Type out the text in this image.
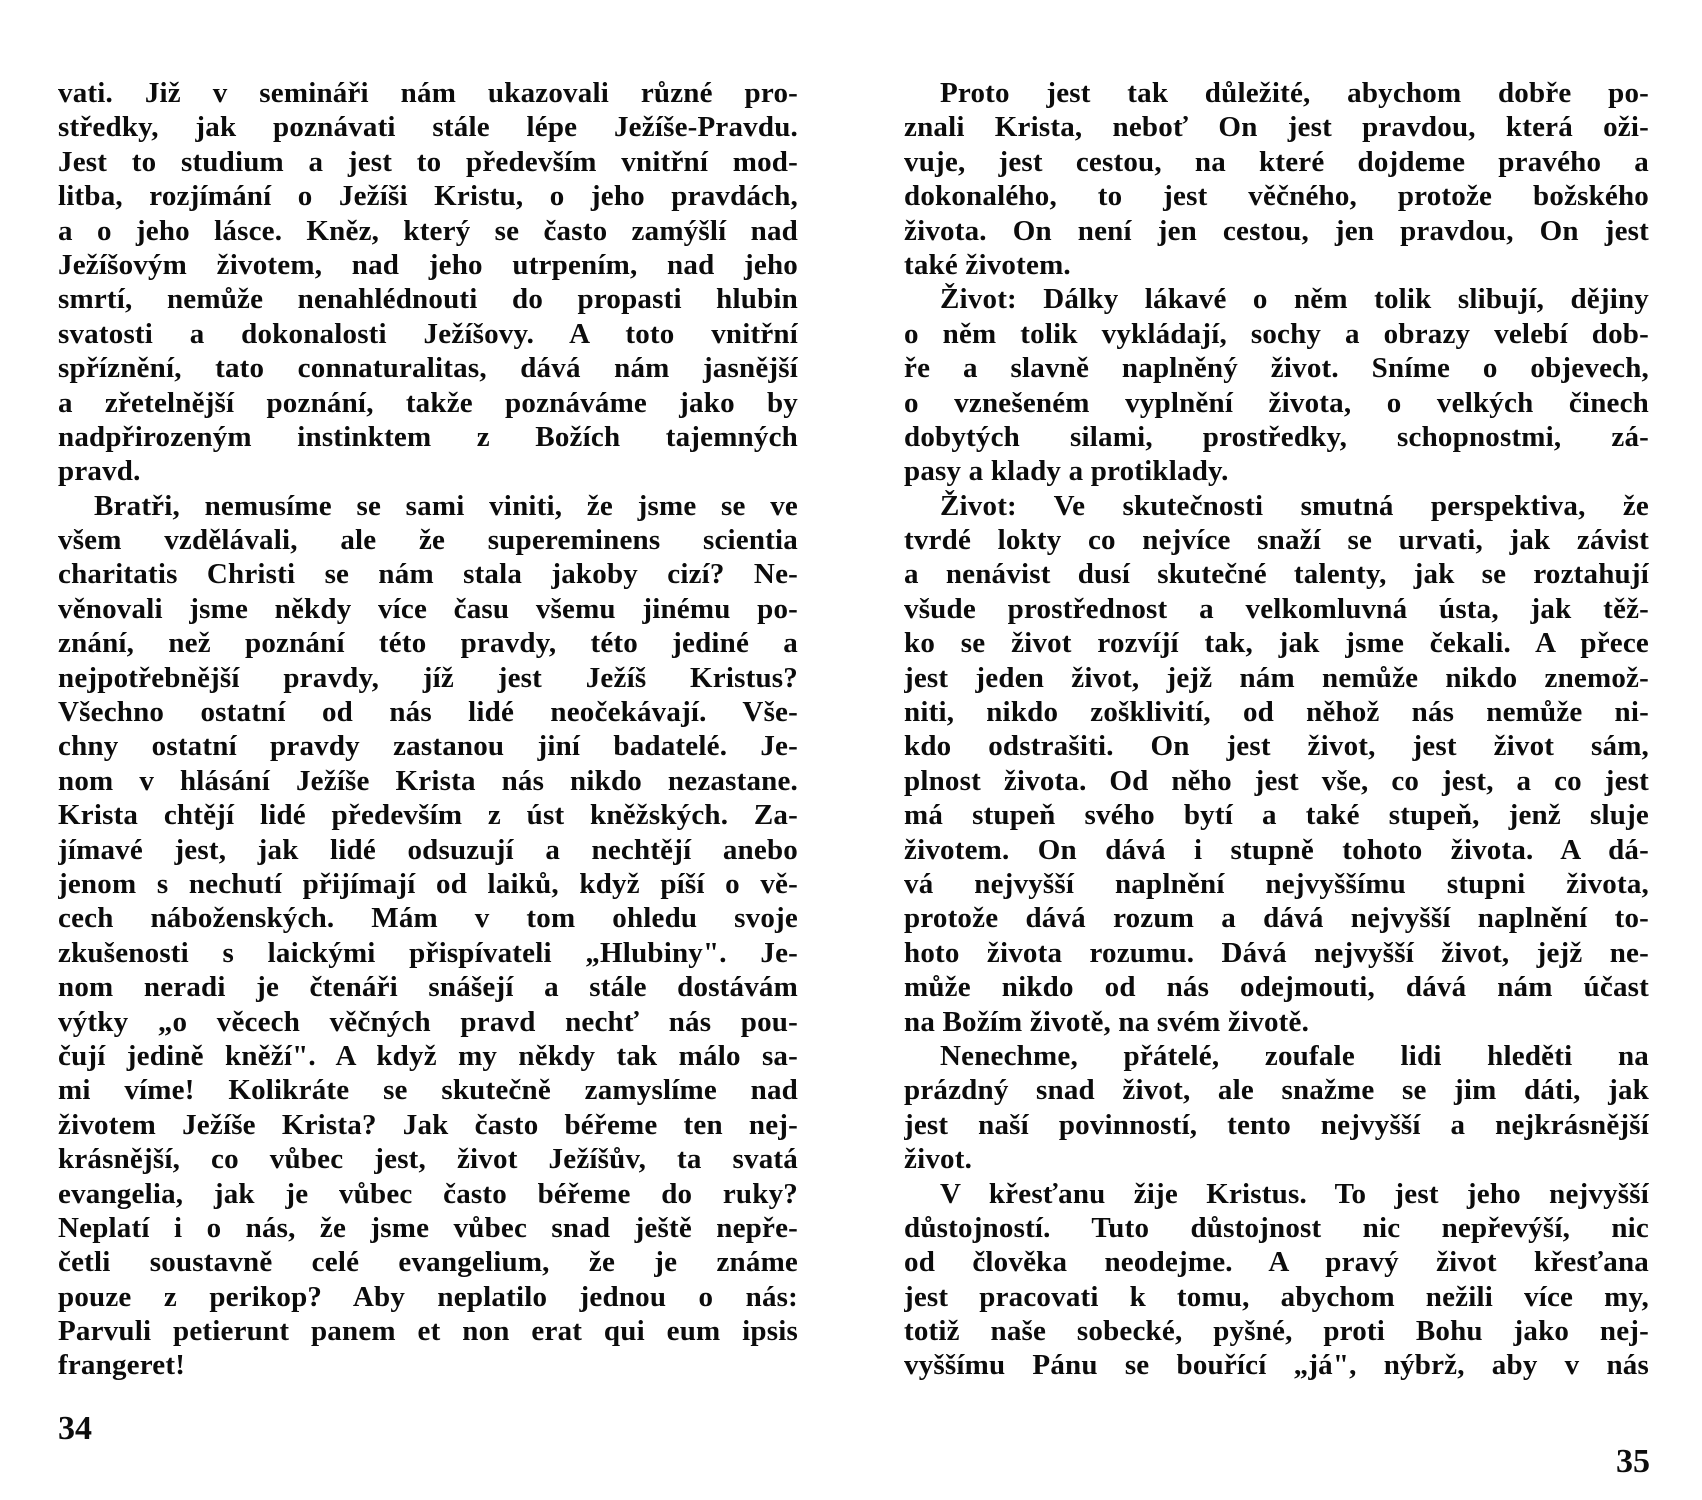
vati. Již v semináři nám ukazovali různé pro-
středky, jak poznávati stále lépe Ježíše-Pravdu.
Jest to studium a jest to především vnitřní mod-
litba, rozjímání o Ježíši Kristu, o jeho pravdách,
a o jeho lásce. Kněz, který se často zamýšlí nad
Ježíšovým životem, nad jeho utrpením, nad jeho
smrtí, nemůže nenahlédnouti do propasti hlubin
svatosti a dokonalosti Ježíšovy. A toto vnitřní
spříznění, tato connaturalitas, dává nám jasnější
a zřetelnější poznání, takže poznáváme jako by
nadpřirozeným instinktem z Božích tajemných
pravd.
Bratři, nemusíme se sami viniti, že jsme se ve
všem vzdělávali, ale že supereminens scientia
charitatis Christi se nám stala jakoby cizí? Ne-
věnovali jsme někdy více času všemu jinému po-
znání, než poznání této pravdy, této jediné a
nejpotřebnější pravdy, jíž jest Ježíš Kristus?
Všechno ostatní od nás lidé neočekávají. Vše-
chny ostatní pravdy zastanou jiní badatelé. Je-
nom v hlásání Ježíše Krista nás nikdo nezastane.
Krista chtějí lidé především z úst kněžských. Za-
jímavé jest, jak lidé odsuzují a nechtějí anebo
jenom s nechutí přijímají od laiků, když píší o vě-
cech náboženských. Mám v tom ohledu svoje
zkušenosti s laickými přispívateli „Hlubiny". Je-
nom neradi je čtenáři snášejí a stále dostávám
výtky „o věcech věčných pravd nechť nás pou-
čují jedině kněží". A když my někdy tak málo sa-
mi víme! Kolikráte se skutečně zamyslíme nad
životem Ježíše Krista? Jak často béřeme ten nej-
krásnější, co vůbec jest, život Ježíšův, ta svatá
evangelia, jak je vůbec často béřeme do ruky?
Neplatí i o nás, že jsme vůbec snad ještě nepře-
četli soustavně celé evangelium, že je známe
pouze z perikop? Aby neplatilo jednou o nás:
Parvuli petierunt panem et non erat qui eum ipsis
frangeret!
34
Proto jest tak důležité, abychom dobře po-
znali Krista, neboť On jest pravdou, která oži-
vuje, jest cestou, na které dojdeme pravého a
dokonalého, to jest věčného, protože božského
života. On není jen cestou, jen pravdou, On jest
také životem.
Život: Dálky lákavé o něm tolik slibují, dějiny
o něm tolik vykládají, sochy a obrazy velebí dob-
ře a slavně naplněný život. Sníme o objevech,
o vznešeném vyplnění života, o velkých činech
dobytých silami, prostředky, schopnostmi, zá-
pasy a klady a protiklady.
Život: Ve skutečnosti smutná perspektiva, že
tvrdé lokty co nejvíce snaží se urvati, jak závist
a nenávist dusí skutečné talenty, jak se roztahují
všude prostřednost a velkomluvná ústa, jak těž-
ko se život rozvíjí tak, jak jsme čekali. A přece
jest jeden život, jejž nám nemůže nikdo znemož-
niti, nikdo zošklivití, od něhož nás nemůže ni-
kdo odstrašiti. On jest život, jest život sám,
plnost života. Od něho jest vše, co jest, a co jest
má stupeň svého bytí a také stupeň, jenž sluje
životem. On dává i stupně tohoto života. A dá-
vá nejvyšší naplnění nejvyššímu stupni života,
protože dává rozum a dává nejvyšší naplnění to-
hoto života rozumu. Dává nejvyšší život, jejž ne-
může nikdo od nás odejmouti, dává nám účast
na Božím životě, na svém životě.
Nenechme, přátelé, zoufale lidi hleděti na
prázdný snad život, ale snažme se jim dáti, jak
jest naší povinností, tento nejvyšší a nejkrásnější
život.
V křesťanu žije Kristus. To jest jeho nejvyšší
důstojností. Tuto důstojnost nic nepřevýší, nic
od člověka neodejme. A pravý život křesťana
jest pracovati k tomu, abychom nežili více my,
totiž naše sobecké, pyšné, proti Bohu jako nej-
vyššímu Pánu se bouřící „já", nýbrž, aby v nás
35
